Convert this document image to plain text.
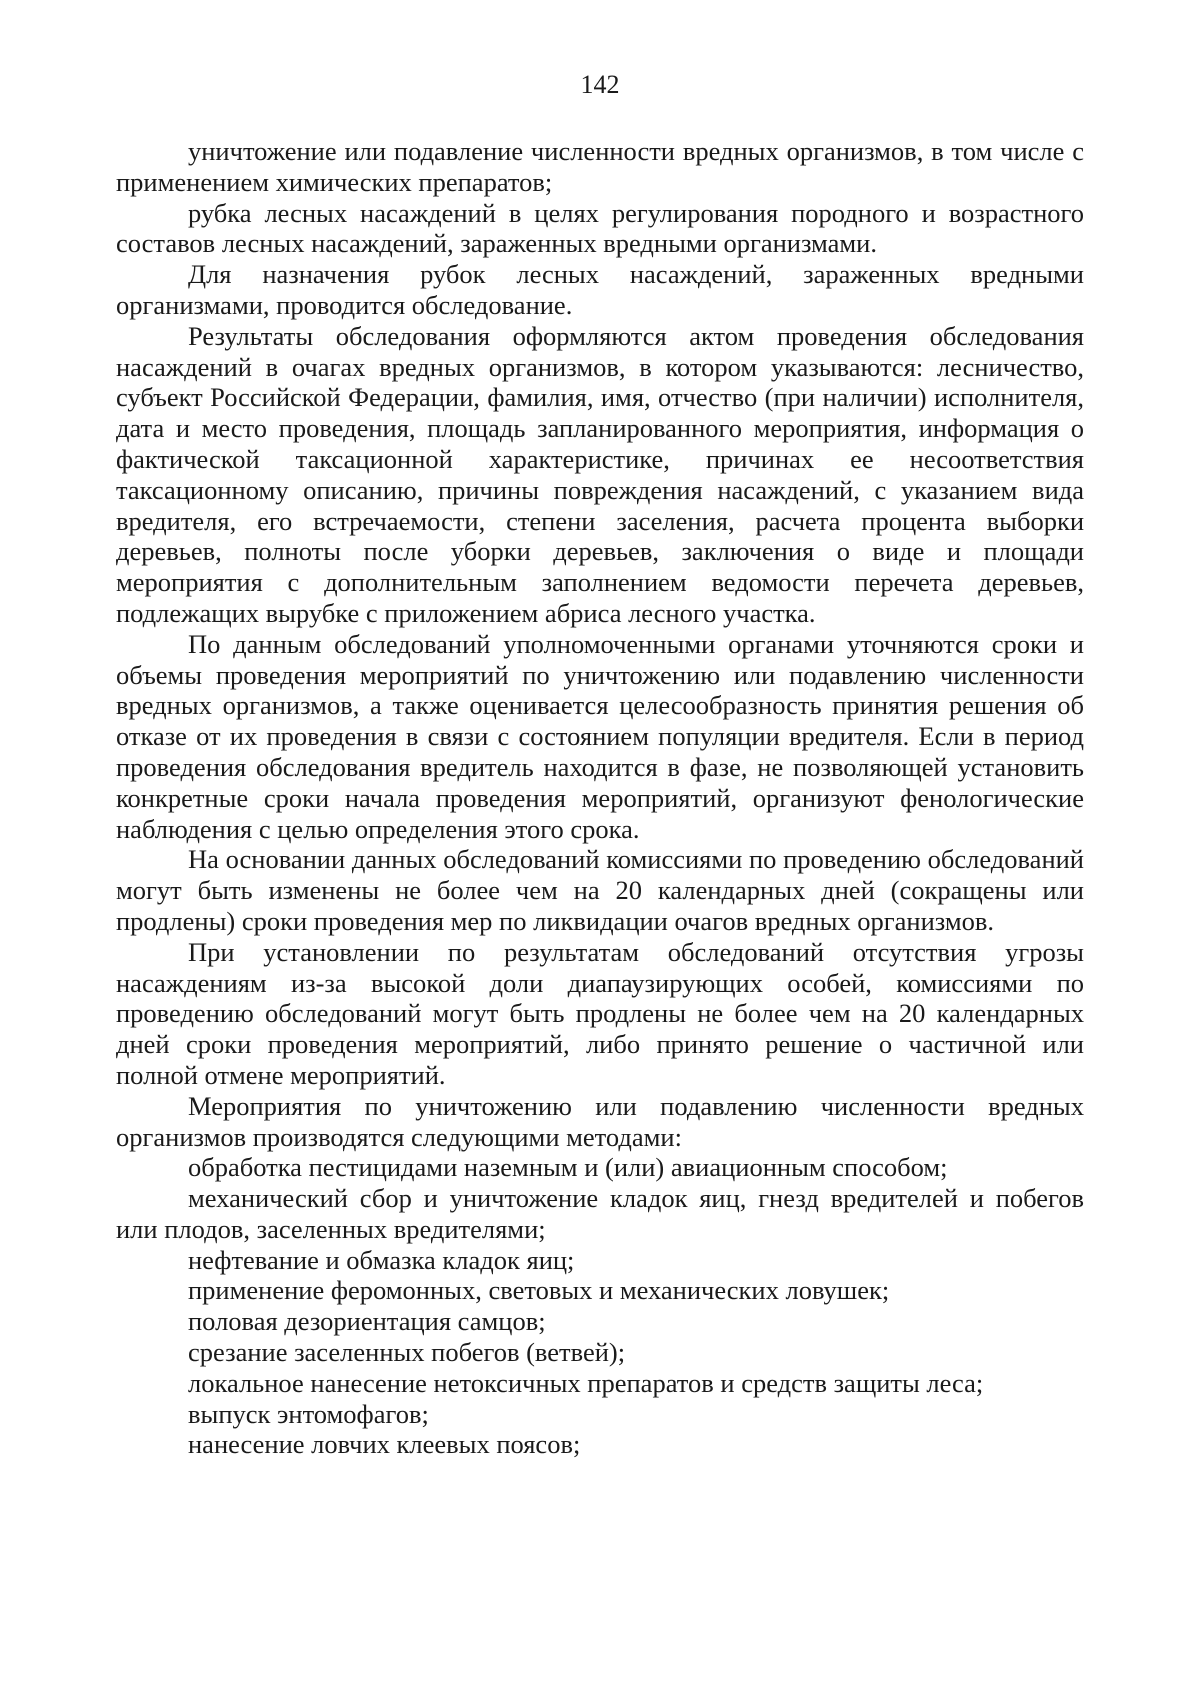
142

уничтожение или подавление численности вредных организмов, в том числе с применением химических препаратов;

рубка лесных насаждений в целях регулирования породного и возрастного составов лесных насаждений, зараженных вредными организмами.

Для назначения рубок лесных насаждений, зараженных вредными организмами, проводится обследование.

Результаты обследования оформляются актом проведения обследования насаждений в очагах вредных организмов, в котором указываются: лесничество, субъект Российской Федерации, фамилия, имя, отчество (при наличии) исполнителя, дата и место проведения, площадь запланированного мероприятия, информация о фактической таксационной характеристике, причинах ее несоответствия таксационному описанию, причины повреждения насаждений, с указанием вида вредителя, его встречаемости, степени заселения, расчета процента выборки деревьев, полноты после уборки деревьев, заключения о виде и площади мероприятия с дополнительным заполнением ведомости перечета деревьев, подлежащих вырубке с приложением абриса лесного участка.

По данным обследований уполномоченными органами уточняются сроки и объемы проведения мероприятий по уничтожению или подавлению численности вредных организмов, а также оценивается целесообразность принятия решения об отказе от их проведения в связи с состоянием популяции вредителя. Если в период проведения обследования вредитель находится в фазе, не позволяющей установить конкретные сроки начала проведения мероприятий, организуют фенологические наблюдения с целью определения этого срока.

На основании данных обследований комиссиями по проведению обследований могут быть изменены не более чем на 20 календарных дней (сокращены или продлены) сроки проведения мер по ликвидации очагов вредных организмов.

При установлении по результатам обследований отсутствия угрозы насаждениям из-за высокой доли диапаузирующих особей, комиссиями по проведению обследований могут быть продлены не более чем на 20 календарных дней сроки проведения мероприятий, либо принято решение о частичной или полной отмене мероприятий.

Мероприятия по уничтожению или подавлению численности вредных организмов производятся следующими методами:

обработка пестицидами наземным и (или) авиационным способом;

механический сбор и уничтожение кладок яиц, гнезд вредителей и побегов или плодов, заселенных вредителями;

нефтевание и обмазка кладок яиц;

применение феромонных, световых и механических ловушек;

половая дезориентация самцов;

срезание заселенных побегов (ветвей);

локальное нанесение нетоксичных препаратов и средств защиты леса;

выпуск энтомофагов;

нанесение ловчих клеевых поясов;
